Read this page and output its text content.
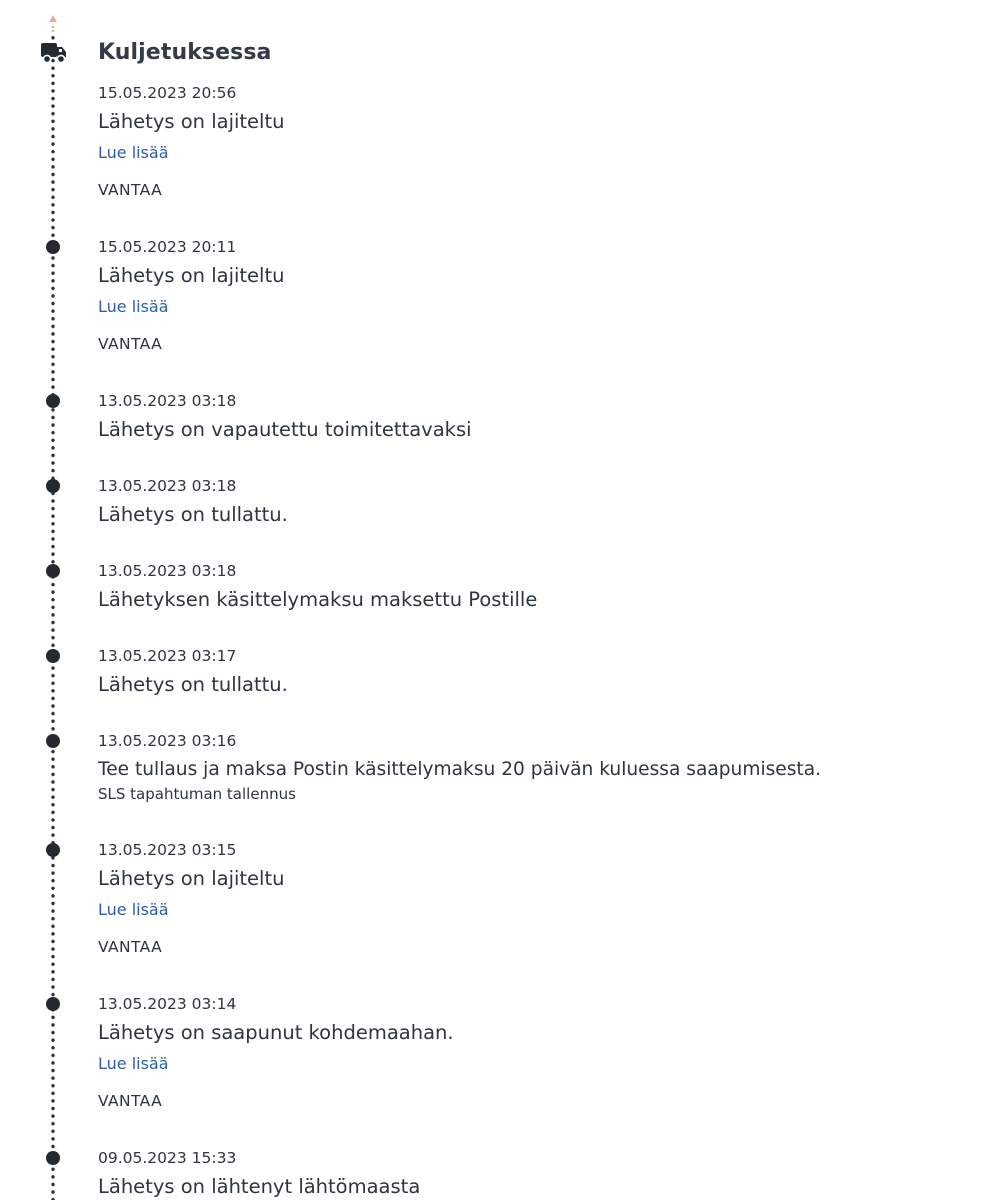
Kuljetuksessa
15.05.2023 20:56
Lähetys on lajiteltu
Lue lisää
VANTAA
15.05.2023 20:11
Lähetys on lajiteltu
Lue lisää
VANTAA
13.05.2023 03:18
Lähetys on vapautettu toimitettavaksi
13.05.2023 03:18
Lähetys on tullattu.
13.05.2023 03:18
Lähetyksen käsittelymaksu maksettu Postille
13.05.2023 03:17
Lähetys on tullattu.
13.05.2023 03:16
Tee tullaus ja maksa Postin käsittelymaksu 20 päivän kuluessa saapumisesta.
SLS tapahtuman tallennus
13.05.2023 03:15
Lähetys on lajiteltu
Lue lisää
VANTAA
13.05.2023 03:14
Lähetys on saapunut kohdemaahan.
Lue lisää
VANTAA
09.05.2023 15:33
Lähetys on lähtenyt lähtömaasta
